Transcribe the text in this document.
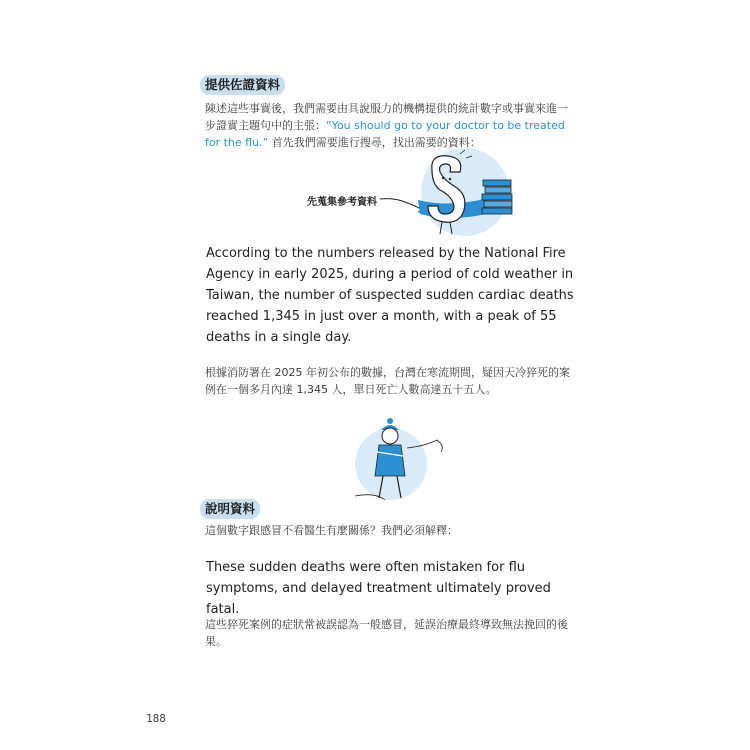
提供佐證資料
陳述這些事實後，我們需要由具說服力的機構提供的統計數字或事實來進一步證實主題句中的主張：“You should go to your doctor to be treated for the flu.” 首先我們需要進行搜尋，找出需要的資料：
先蒐集參考資料
According to the numbers released by the National Fire Agency in early 2025, during a period of cold weather in Taiwan, the number of suspected sudden cardiac deaths reached 1,345 in just over a month, with a peak of 55 deaths in a single day.
根據消防署在 2025 年初公布的數據，台灣在寒流期間，疑因天冷猝死的案例在一個多月內達 1,345 人，單日死亡人數高達五十五人。
說明資料
這個數字跟感冒不看醫生有麼關係？我們必須解釋：
These sudden deaths were often mistaken for flu symptoms, and delayed treatment ultimately proved fatal.
這些猝死案例的症狀常被誤認為一般感冒，延誤治療最終導致無法挽回的後果。
188
